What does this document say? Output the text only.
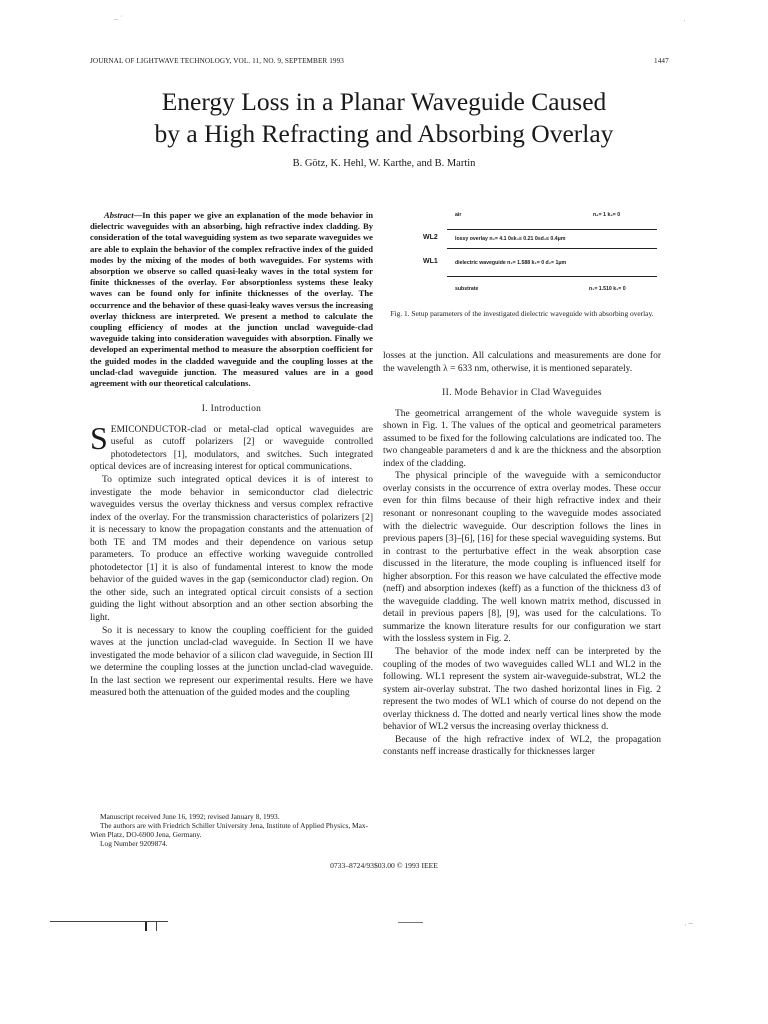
– ˙	'
JOURNAL OF LIGHTWAVE TECHNOLOGY, VOL. 11, NO. 9, SEPTEMBER 1993	1447
Energy Loss in a Planar Waveguide Caused
by a High Refracting and Absorbing Overlay
B. Götz, K. Hehl, W. Karthe, and B. Martin

Abstract—In this paper we give an explanation of the mode behavior in dielectric waveguides with an absorbing, high refractive index cladding. By consideration of the total waveguiding system as two separate waveguides we are able to explain the behavior of the complex refractive index of the guided modes by the mixing of the modes of both waveguides. For systems with absorption we observe so called quasi-leaky waves in the total system for finite thicknesses of the overlay. For absorptionless systems these leaky waves can be found only for infinite thicknesses of the overlay. The occurrence and the behavior of these quasi-leaky waves versus the increasing overlay thickness are interpreted. We present a method to calculate the coupling efficiency of modes at the junction unclad waveguide-clad waveguide taking into consideration waveguides with absorption. Finally we developed an experimental method to measure the absorption coefficient for the guided modes in the cladded waveguide and the coupling losses at the unclad-clad waveguide junction. The measured values are in a good agreement with our theoretical calculations.

I. Introduction

SEMICONDUCTOR-clad or metal-clad optical waveguides are useful as cutoff polarizers [2] or waveguide controlled photodetectors [1], modulators, and switches. Such integrated optical devices are of increasing interest for optical communications.

To optimize such integrated optical devices it is of interest to investigate the mode behavior in semiconductor clad dielectric waveguides versus the overlay thickness and versus complex refractive index of the overlay. For the transmission characteristics of polarizers [2] it is necessary to know the propagation constants and the attenuation of both TE and TM modes and their dependence on various setup parameters. To produce an effective working waveguide controlled photodetector [1] it is also of fundamental interest to know the mode behavior of the guided waves in the gap (semiconductor clad) region. On the other side, such an integrated optical circuit consists of a section guiding the light without absorption and an other section absorbing the light.

So it is necessary to know the coupling coefficient for the guided waves at the junction unclad-clad waveguide. In Section II we have investigated the mode behavior of a silicon clad waveguide, in Section III we determine the coupling losses at the junction unclad-clad waveguide. In the last section we represent our experimental results. Here we have measured both the attenuation of the guided modes and the coupling

Manuscript received June 16, 1992; revised January 8, 1993.
The authors are with Friedrich Schiller University Jena, Institute of Applied Physics, Max-Wien Platz, DO-6900 Jena, Germany.
Log Number 9209874.
air	n₄= 1 k₄= 0
WL2	lossy overlay n₃= 4.1 0≤k₃≤ 0.21 0≤d₃≤ 0.4μm
WL1	dielectric waveguide n₂= 1.588 k₂= 0 d₂= 1μm
substrate	n₁= 1.510 k₁= 0
Fig. 1. Setup parameters of the investigated dielectric waveguide with absorbing overlay.

losses at the junction. All calculations and measurements are done for the wavelength λ = 633 nm, otherwise, it is mentioned separately.

II. Mode Behavior in Clad Waveguides

The geometrical arrangement of the whole waveguide system is shown in Fig. 1. The values of the optical and geometrical parameters assumed to be fixed for the following calculations are indicated too. The two changeable parameters d and k are the thickness and the absorption index of the cladding.

The physical principle of the waveguide with a semiconductor overlay consists in the occurrence of extra overlay modes. These occur even for thin films because of their high refractive index and their resonant or nonresonant coupling to the waveguide modes associated with the dielectric waveguide. Our description follows the lines in previous papers [3]–[6], [16] for these special waveguiding systems. But in contrast to the perturbative effect in the weak absorption case discussed in the literature, the mode coupling is influenced itself for higher absorption. For this reason we have calculated the effective mode (neff) and absorption indexes (keff) as a function of the thickness d3 of the waveguide cladding. The well known matrix method, discussed in detail in previous papers [8], [9], was used for the calculations. To summarize the known literature results for our configuration we start with the lossless system in Fig. 2.

The behavior of the mode index neff can be interpreted by the coupling of the modes of two waveguides called WL1 and WL2 in the following. WL1 represent the system air-waveguide-substrat, WL2 the system air-overlay substrat. The two dashed horizontal lines in Fig. 2 represent the two modes of WL1 which of course do not depend on the overlay thickness d. The dotted and nearly vertical lines show the mode behavior of WL2 versus the increasing overlay thickness d.

Because of the high refractive index of WL2, the propagation constants neff increase drastically for thicknesses larger

0733–8724/93$03.00 © 1993 IEEE
ˈ ¯
